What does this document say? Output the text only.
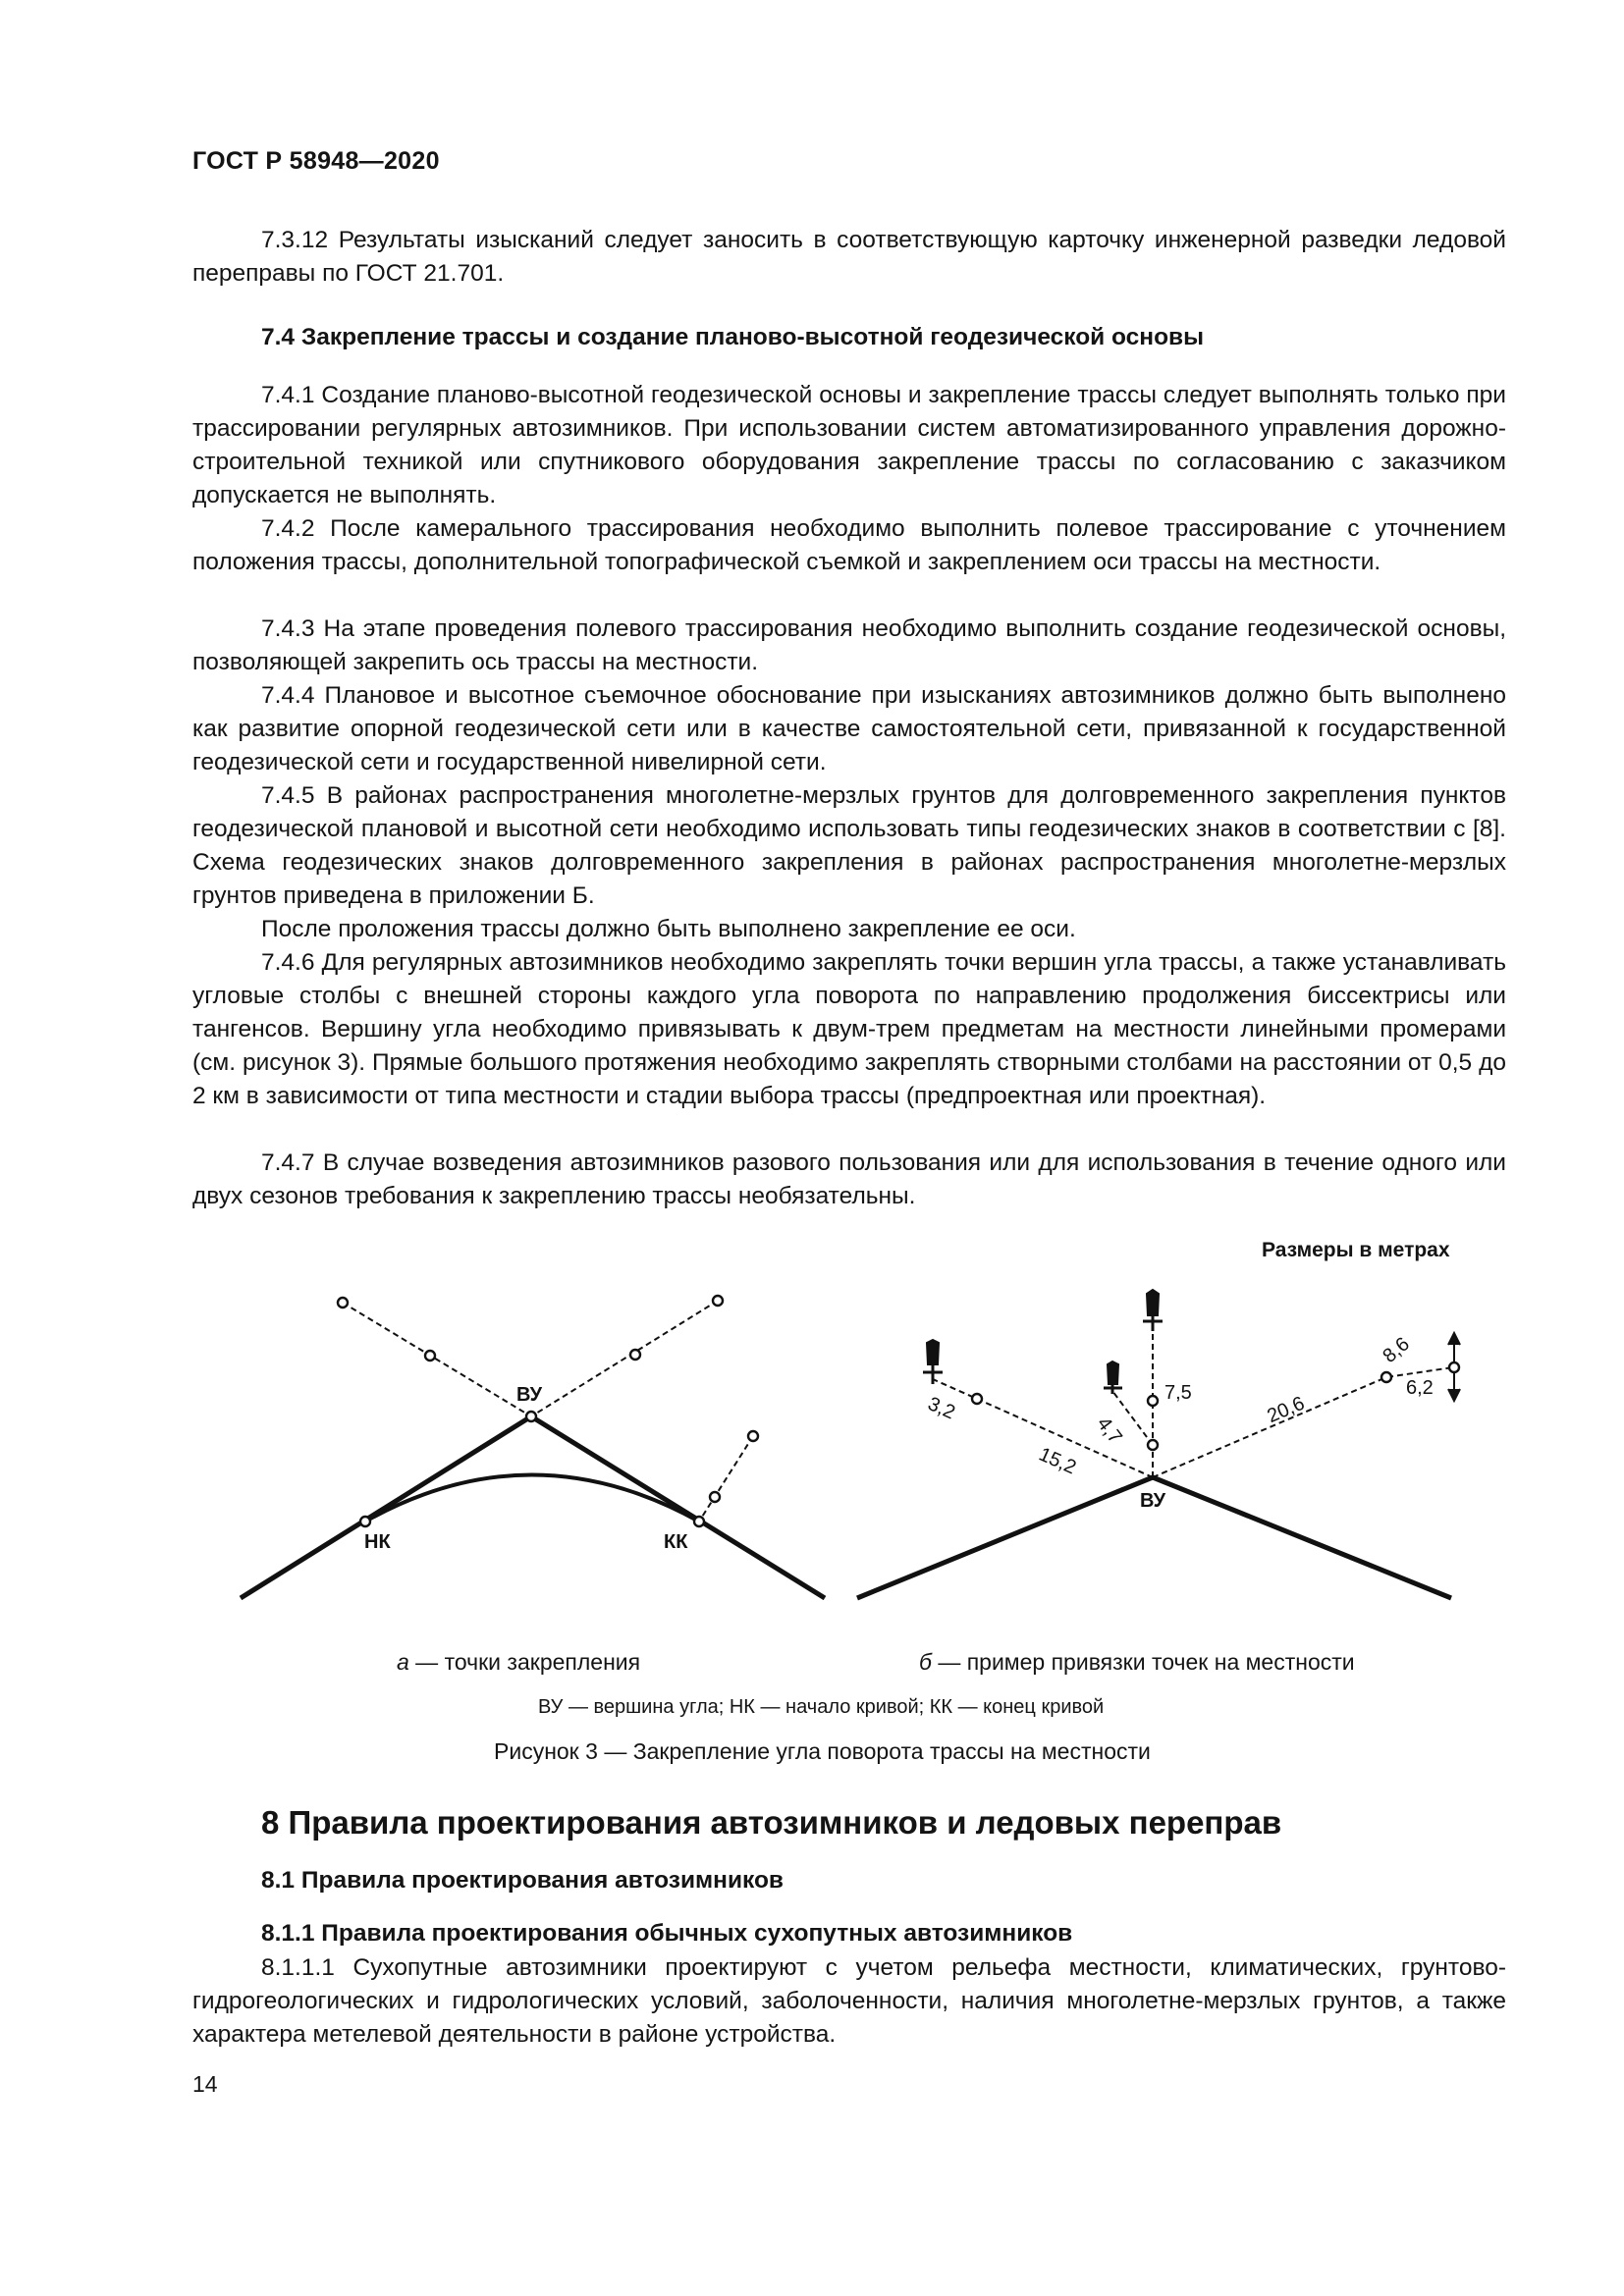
ГОСТ Р 58948—2020

7.3.12 Результаты изысканий следует заносить в соответствующую карточку инженерной разведки ледовой переправы по ГОСТ 21.701.

7.4 Закрепление трассы и создание планово-высотной геодезической основы

7.4.1 Создание планово-высотной геодезической основы и закрепление трассы следует выполнять только при трассировании регулярных автозимников. При использовании систем автоматизированного управления дорожно-строительной техникой или спутникового оборудования закрепление трассы по согласованию с заказчиком допускается не выполнять.

7.4.2 После камерального трассирования необходимо выполнить полевое трассирование с уточнением положения трассы, дополнительной топографической съемкой и закреплением оси трассы на местности.

7.4.3 На этапе проведения полевого трассирования необходимо выполнить создание геодезической основы, позволяющей закрепить ось трассы на местности.

7.4.4 Плановое и высотное съемочное обоснование при изысканиях автозимников должно быть выполнено как развитие опорной геодезической сети или в качестве самостоятельной сети, привязанной к государственной геодезической сети и государственной нивелирной сети.

7.4.5 В районах распространения многолетне-мерзлых грунтов для долговременного закрепления пунктов геодезической плановой и высотной сети необходимо использовать типы геодезических знаков в соответствии с [8]. Схема геодезических знаков долговременного закрепления в районах распространения многолетне-мерзлых грунтов приведена в приложении Б.

После проложения трассы должно быть выполнено закрепление ее оси.

7.4.6 Для регулярных автозимников необходимо закреплять точки вершин угла трассы, а также устанавливать угловые столбы с внешней стороны каждого угла поворота по направлению продолжения биссектрисы или тангенсов. Вершину угла необходимо привязывать к двум-трем предметам на местности линейными промерами (см. рисунок 3). Прямые большого протяжения необходимо закреплять створными столбами на расстоянии от 0,5 до 2 км в зависимости от типа местности и стадии выбора трассы (предпроектная или проектная).

7.4.7 В случае возведения автозимников разового пользования или для использования в течение одного или двух сезонов требования к закреплению трассы необязательны.

Размеры в метрах
ВУ
НК	КК
ВУ
3,2
15,2
4,7
7,5	20,6
8,6
6,2
а — точки закрепления	б — пример привязки точек на местности
ВУ — вершина угла; НК — начало кривой; КК — конец кривой
Рисунок 3 — Закрепление угла поворота трассы на местности
8 Правила проектирования автозимников и ледовых переправ
8.1 Правила проектирования автозимников
8.1.1 Правила проектирования обычных сухопутных автозимников

8.1.1.1 Сухопутные автозимники проектируют с учетом рельефа местности, климатических, грунтово-гидрогеологических и гидрологических условий, заболоченности, наличия многолетне-мерзлых грунтов, а также характера метелевой деятельности в районе устройства.

14
